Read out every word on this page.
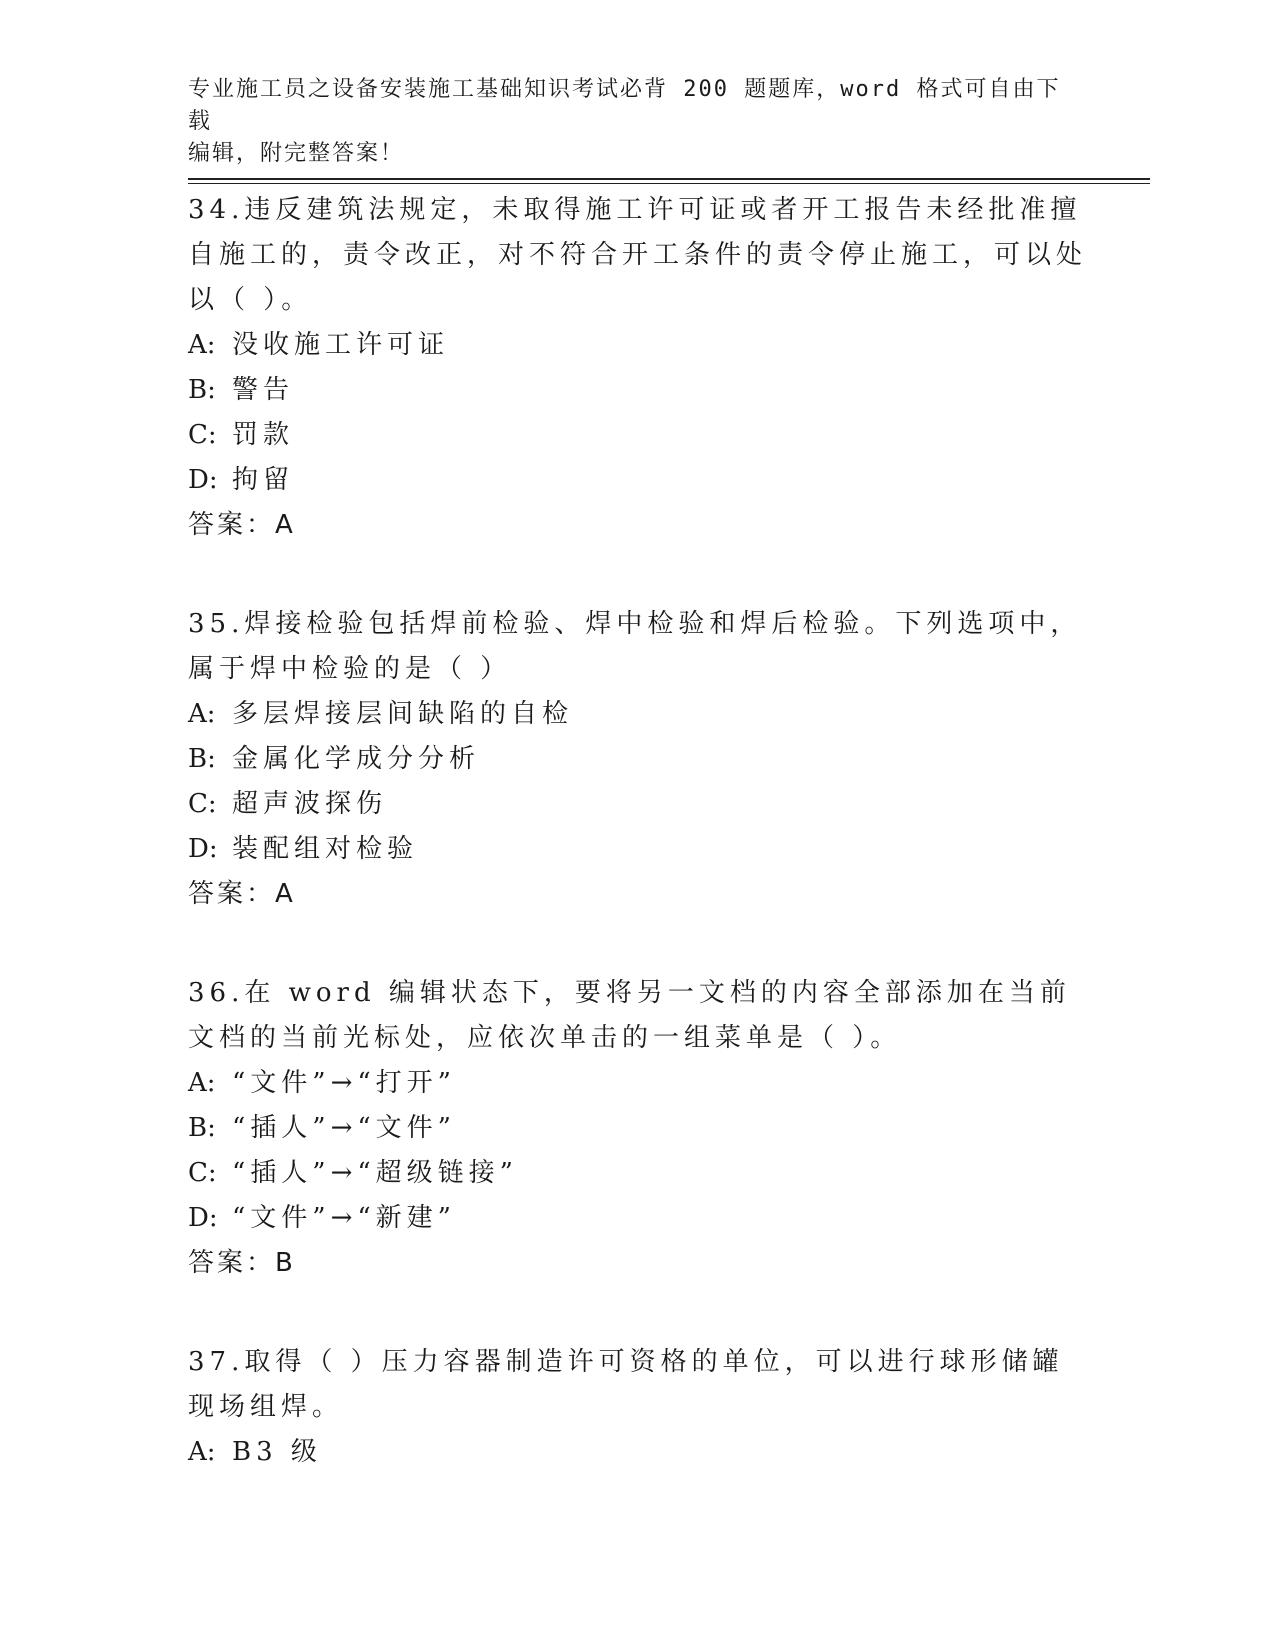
专业施工员之设备安装施工基础知识考试必背 200 题题库，word 格式可自由下载
编辑，附完整答案！
34.违反建筑法规定，未取得施工许可证或者开工报告未经批准擅自施工的，责令改正，对不符合开工条件的责令停止施工，可以处以（ ）。
A: 没收施工许可证
B: 警告
C: 罚款
D: 拘留
答案：A
35.焊接检验包括焊前检验、焊中检验和焊后检验。下列选项中，属于焊中检验的是（ ）
A: 多层焊接层间缺陷的自检
B: 金属化学成分分析
C: 超声波探伤
D: 装配组对检验
答案：A
36.在 word 编辑状态下，要将另一文档的内容全部添加在当前文档的当前光标处，应依次单击的一组菜单是（ ）。
A: “文件”→“打开”
B: “插人”→“文件”
C: “插人”→“超级链接”
D: “文件”→“新建”
答案：B
37.取得（ ）压力容器制造许可资格的单位，可以进行球形储罐现场组焊。
A: B3 级
